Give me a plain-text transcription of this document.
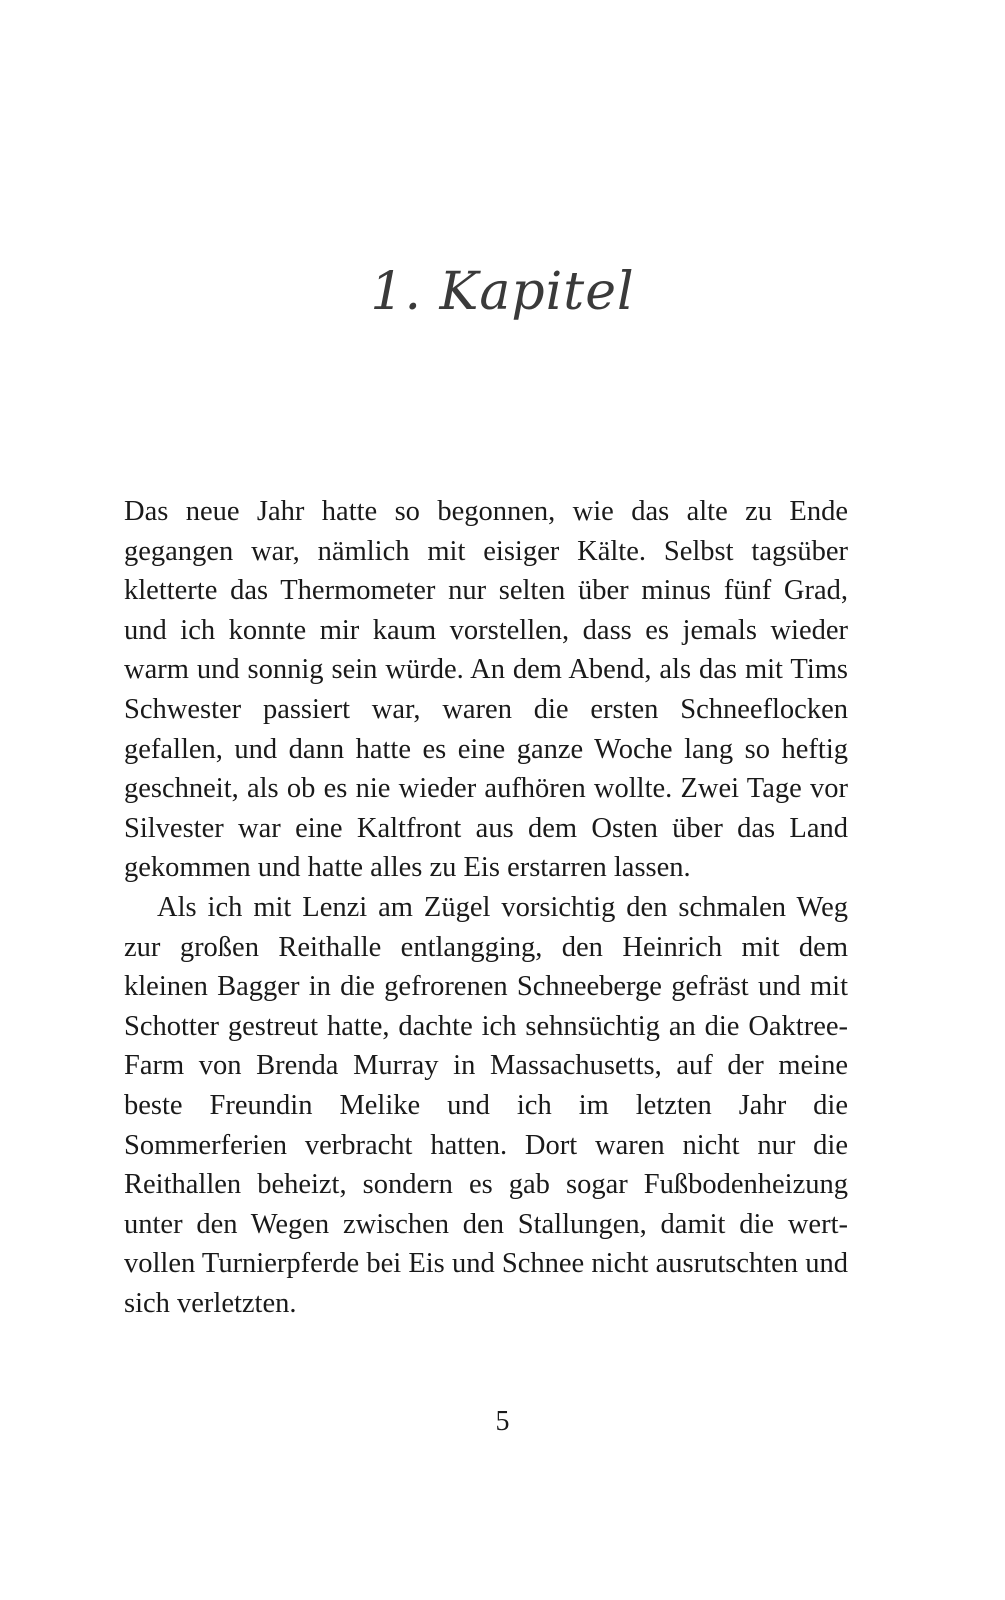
1. Kapitel

Das neue Jahr hatte so begonnen, wie das alte zu Ende gegangen war, nämlich mit eisiger Kälte. Selbst tagsüber kletterte das Thermometer nur selten über minus fünf Grad, und ich konnte mir kaum vorstellen, dass es jemals wieder warm und sonnig sein würde. An dem Abend, als das mit Tims Schwester passiert war, waren die ersten Schneeflocken gefallen, und dann hatte es eine ganze Woche lang so heftig geschneit, als ob es nie wieder aufhören wollte. Zwei Tage vor Silvester war eine Kaltfront aus dem Osten über das Land gekommen und hatte alles zu Eis erstarren lassen.

Als ich mit Lenzi am Zügel vorsichtig den schmalen Weg zur großen Reithalle entlangging, den Heinrich mit dem kleinen Bagger in die gefrorenen Schneeberge gefräst und mit Schotter gestreut hatte, dachte ich sehnsüchtig an die Oaktree-Farm von Brenda Murray in Massachusetts, auf der meine beste Freundin Melike und ich im letzten Jahr die Sommerferien verbracht hatten. Dort waren nicht nur die Reithallen beheizt, sondern es gab sogar Fußbodenheizung unter den Wegen zwischen den Stallungen, damit die wertvollen Turnierpferde bei Eis und Schnee nicht ausrutschten und sich verletzten.

5
